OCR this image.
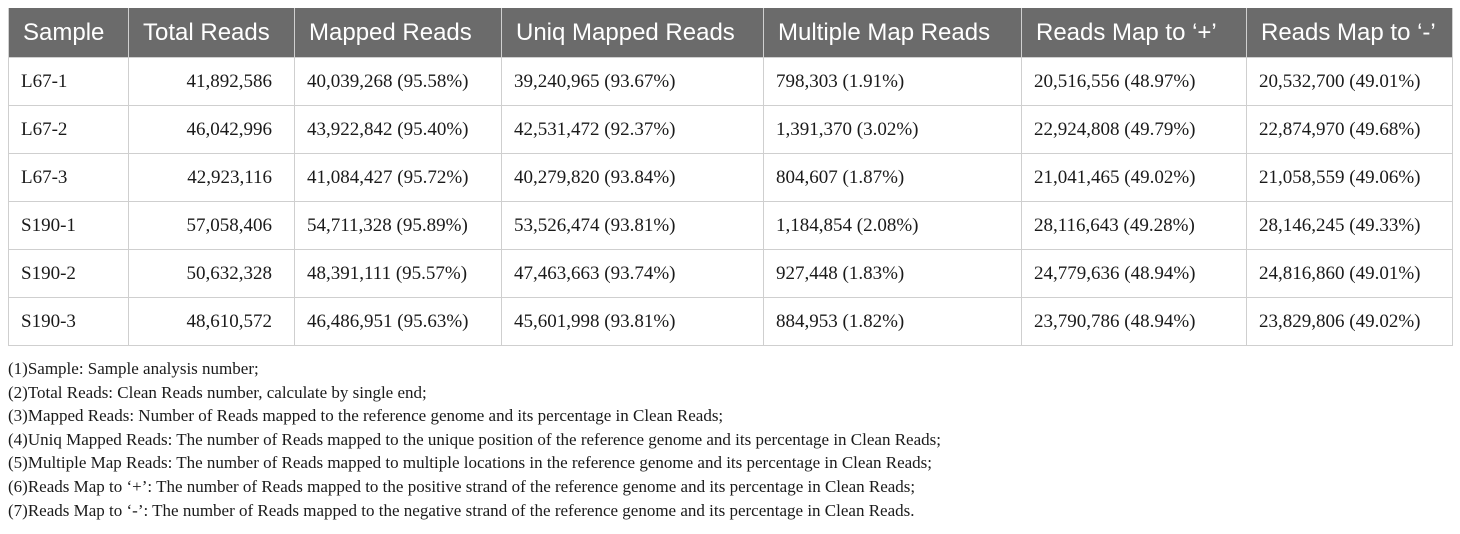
Sample	Total Reads	Mapped Reads	Uniq Mapped Reads	Multiple Map Reads	Reads Map to ‘+’	Reads Map to ‘-’
L67-1	41,892,586	40,039,268 (95.58%)	39,240,965 (93.67%)	798,303 (1.91%)	20,516,556 (48.97%)	20,532,700 (49.01%)
L67-2	46,042,996	43,922,842 (95.40%)	42,531,472 (92.37%)	1,391,370 (3.02%)	22,924,808 (49.79%)	22,874,970 (49.68%)
L67-3	42,923,116	41,084,427 (95.72%)	40,279,820 (93.84%)	804,607 (1.87%)	21,041,465 (49.02%)	21,058,559 (49.06%)
S190-1	57,058,406	54,711,328 (95.89%)	53,526,474 (93.81%)	1,184,854 (2.08%)	28,116,643 (49.28%)	28,146,245 (49.33%)
S190-2	50,632,328	48,391,111 (95.57%)	47,463,663 (93.74%)	927,448 (1.83%)	24,779,636 (48.94%)	24,816,860 (49.01%)
S190-3	48,610,572	46,486,951 (95.63%)	45,601,998 (93.81%)	884,953 (1.82%)	23,790,786 (48.94%)	23,829,806 (49.02%)
(1)Sample: Sample analysis number;
(2)Total Reads: Clean Reads number, calculate by single end;
(3)Mapped Reads: Number of Reads mapped to the reference genome and its percentage in Clean Reads;
(4)Uniq Mapped Reads: The number of Reads mapped to the unique position of the reference genome and its percentage in Clean Reads;
(5)Multiple Map Reads: The number of Reads mapped to multiple locations in the reference genome and its percentage in Clean Reads;
(6)Reads Map to ‘+’: The number of Reads mapped to the positive strand of the reference genome and its percentage in Clean Reads;
(7)Reads Map to ‘-’: The number of Reads mapped to the negative strand of the reference genome and its percentage in Clean Reads.
